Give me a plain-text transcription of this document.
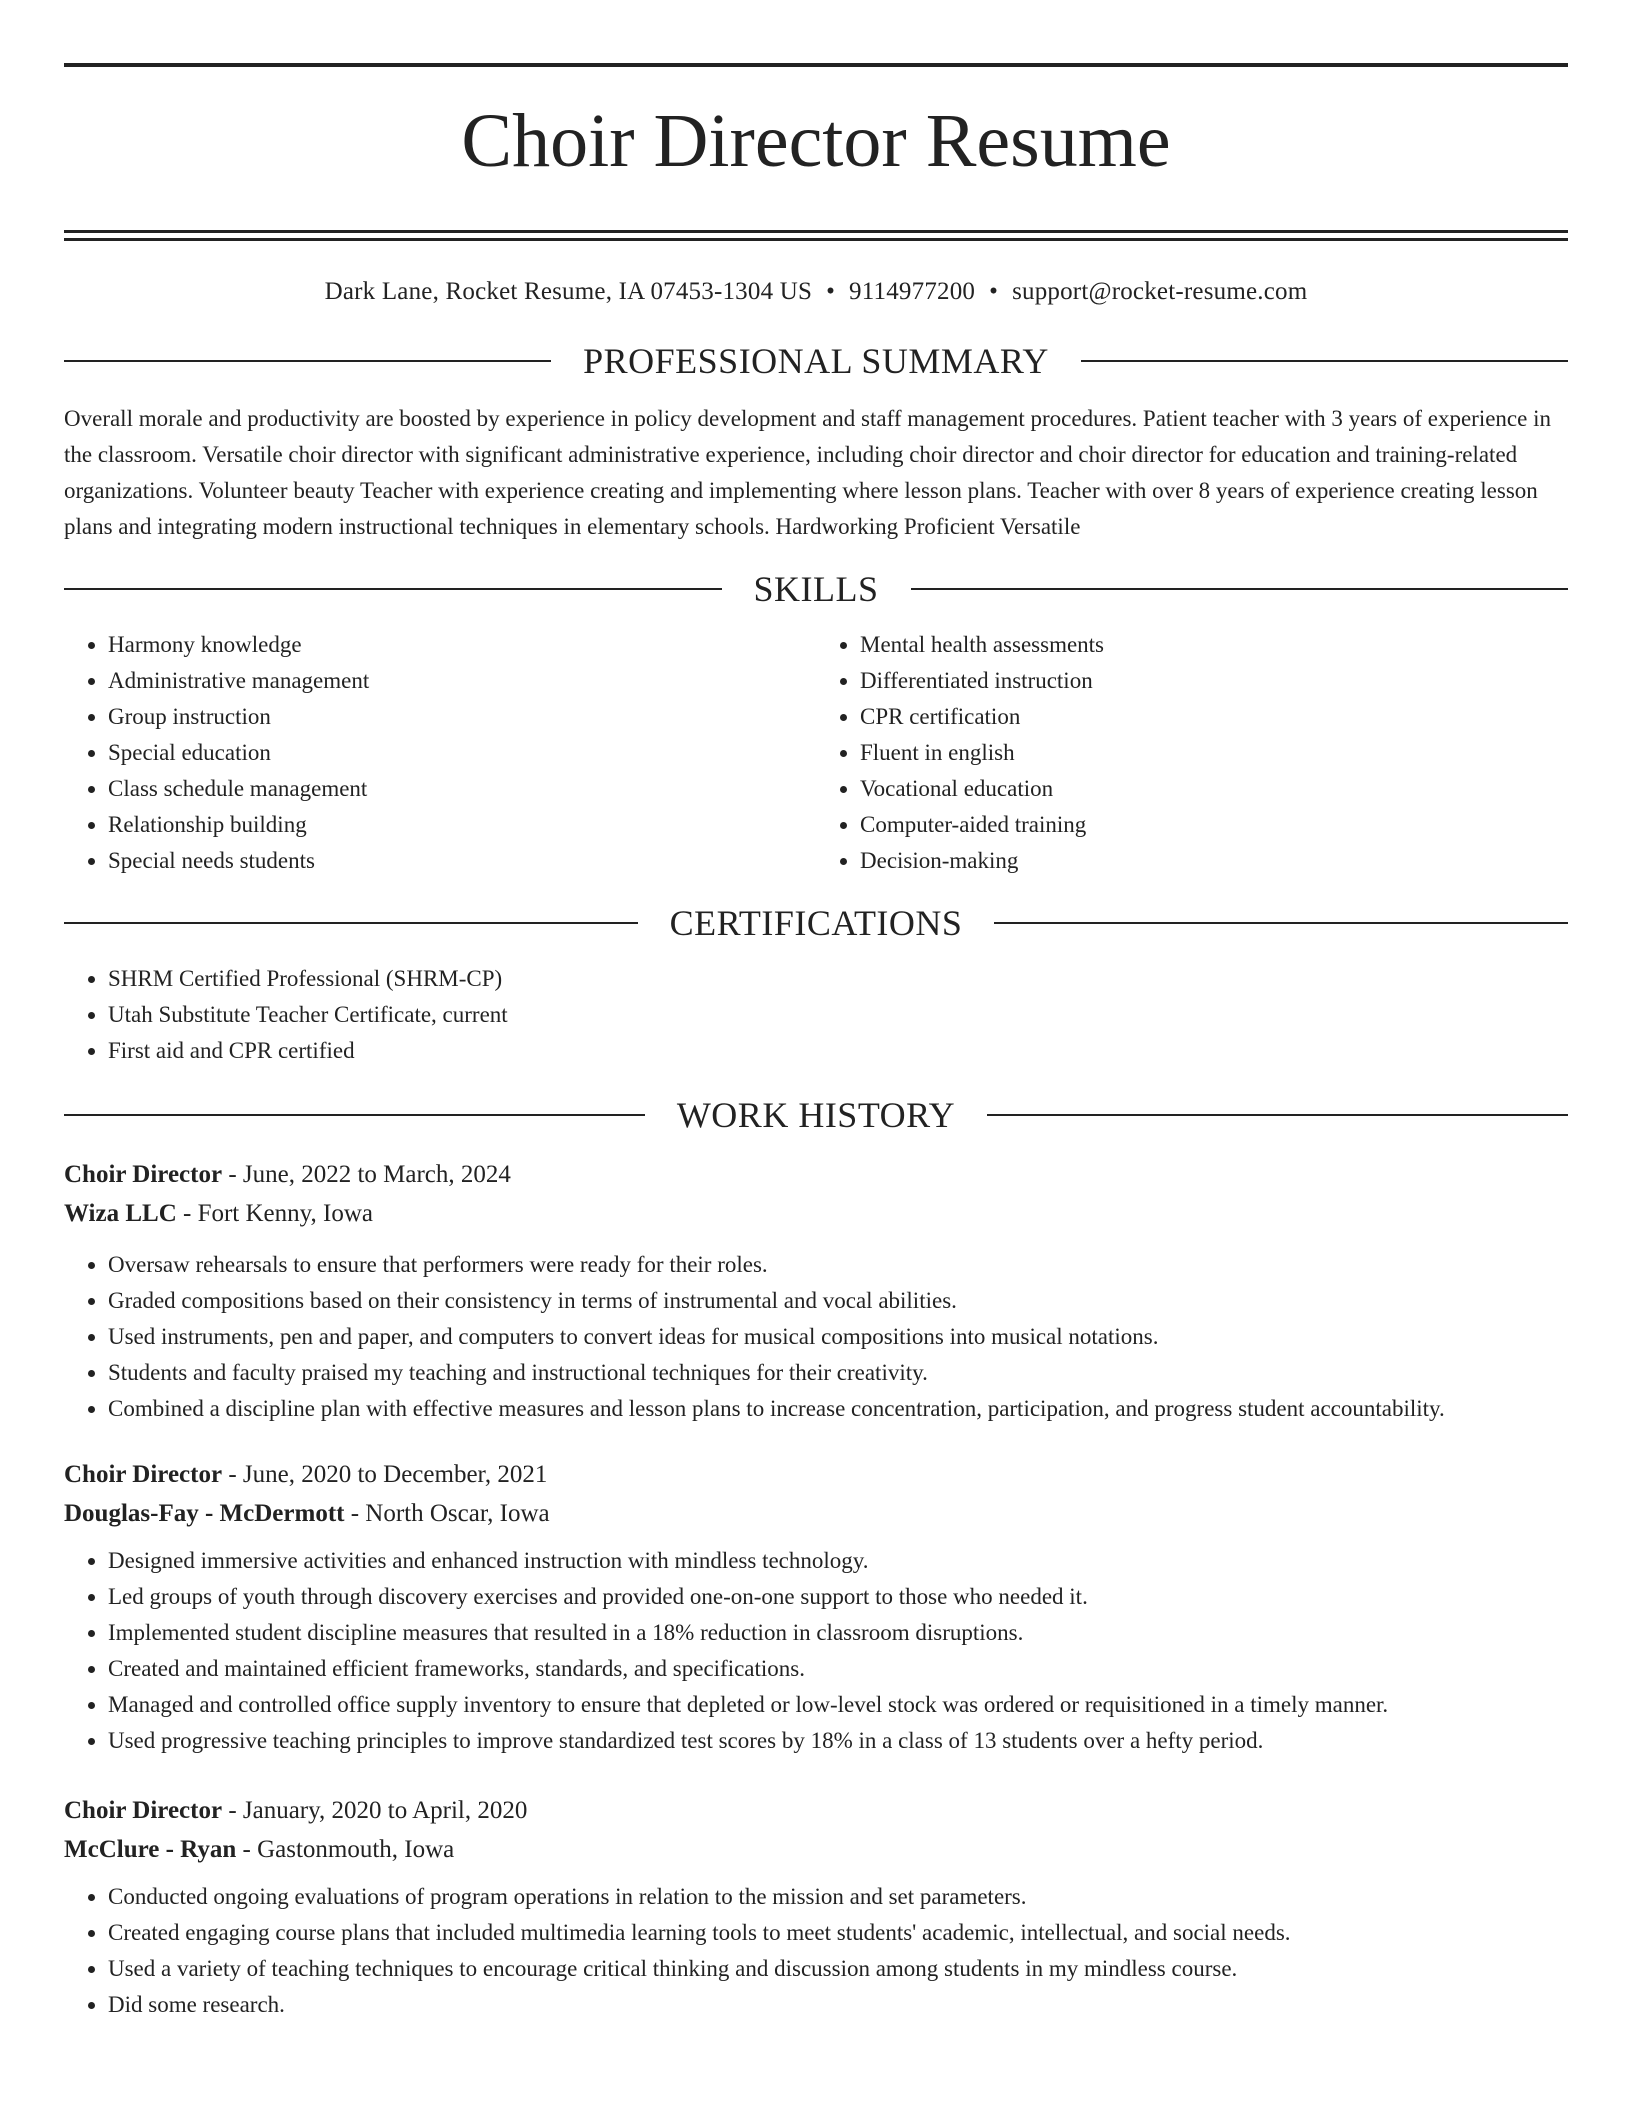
Choir Director Resume
Dark Lane, Rocket Resume, IA 07453-1304 US • 9114977200 • support@rocket-resume.com
PROFESSIONAL SUMMARY

Overall morale and productivity are boosted by experience in policy development and staff management procedures. Patient teacher with 3 years of experience in the classroom. Versatile choir director with significant administrative experience, including choir director and choir director for education and training-related organizations. Volunteer beauty Teacher with experience creating and implementing where lesson plans. Teacher with over 8 years of experience creating lesson plans and integrating modern instructional techniques in elementary schools. Hardworking Proficient Versatile

SKILLS
• Harmony knowledge
• Administrative management
• Group instruction
• Special education
• Class schedule management
• Relationship building
• Special needs students
• Mental health assessments
• Differentiated instruction
• CPR certification
• Fluent in english
• Vocational education
• Computer-aided training
• Decision-making
CERTIFICATIONS
• SHRM Certified Professional (SHRM-CP)
• Utah Substitute Teacher Certificate, current
• First aid and CPR certified
WORK HISTORY
Choir Director - June, 2022 to March, 2024
Wiza LLC - Fort Kenny, Iowa
• Oversaw rehearsals to ensure that performers were ready for their roles.
• Graded compositions based on their consistency in terms of instrumental and vocal abilities.
• Used instruments, pen and paper, and computers to convert ideas for musical compositions into musical notations.
• Students and faculty praised my teaching and instructional techniques for their creativity.
• Combined a discipline plan with effective measures and lesson plans to increase concentration, participation, and progress student accountability.
Choir Director - June, 2020 to December, 2021
Douglas-Fay - McDermott - North Oscar, Iowa
• Designed immersive activities and enhanced instruction with mindless technology.
• Led groups of youth through discovery exercises and provided one-on-one support to those who needed it.
• Implemented student discipline measures that resulted in a 18% reduction in classroom disruptions.
• Created and maintained efficient frameworks, standards, and specifications.
• Managed and controlled office supply inventory to ensure that depleted or low-level stock was ordered or requisitioned in a timely manner.
• Used progressive teaching principles to improve standardized test scores by 18% in a class of 13 students over a hefty period.
Choir Director - January, 2020 to April, 2020
McClure - Ryan - Gastonmouth, Iowa
• Conducted ongoing evaluations of program operations in relation to the mission and set parameters.
• Created engaging course plans that included multimedia learning tools to meet students' academic, intellectual, and social needs.
• Used a variety of teaching techniques to encourage critical thinking and discussion among students in my mindless course.
• Did some research.
